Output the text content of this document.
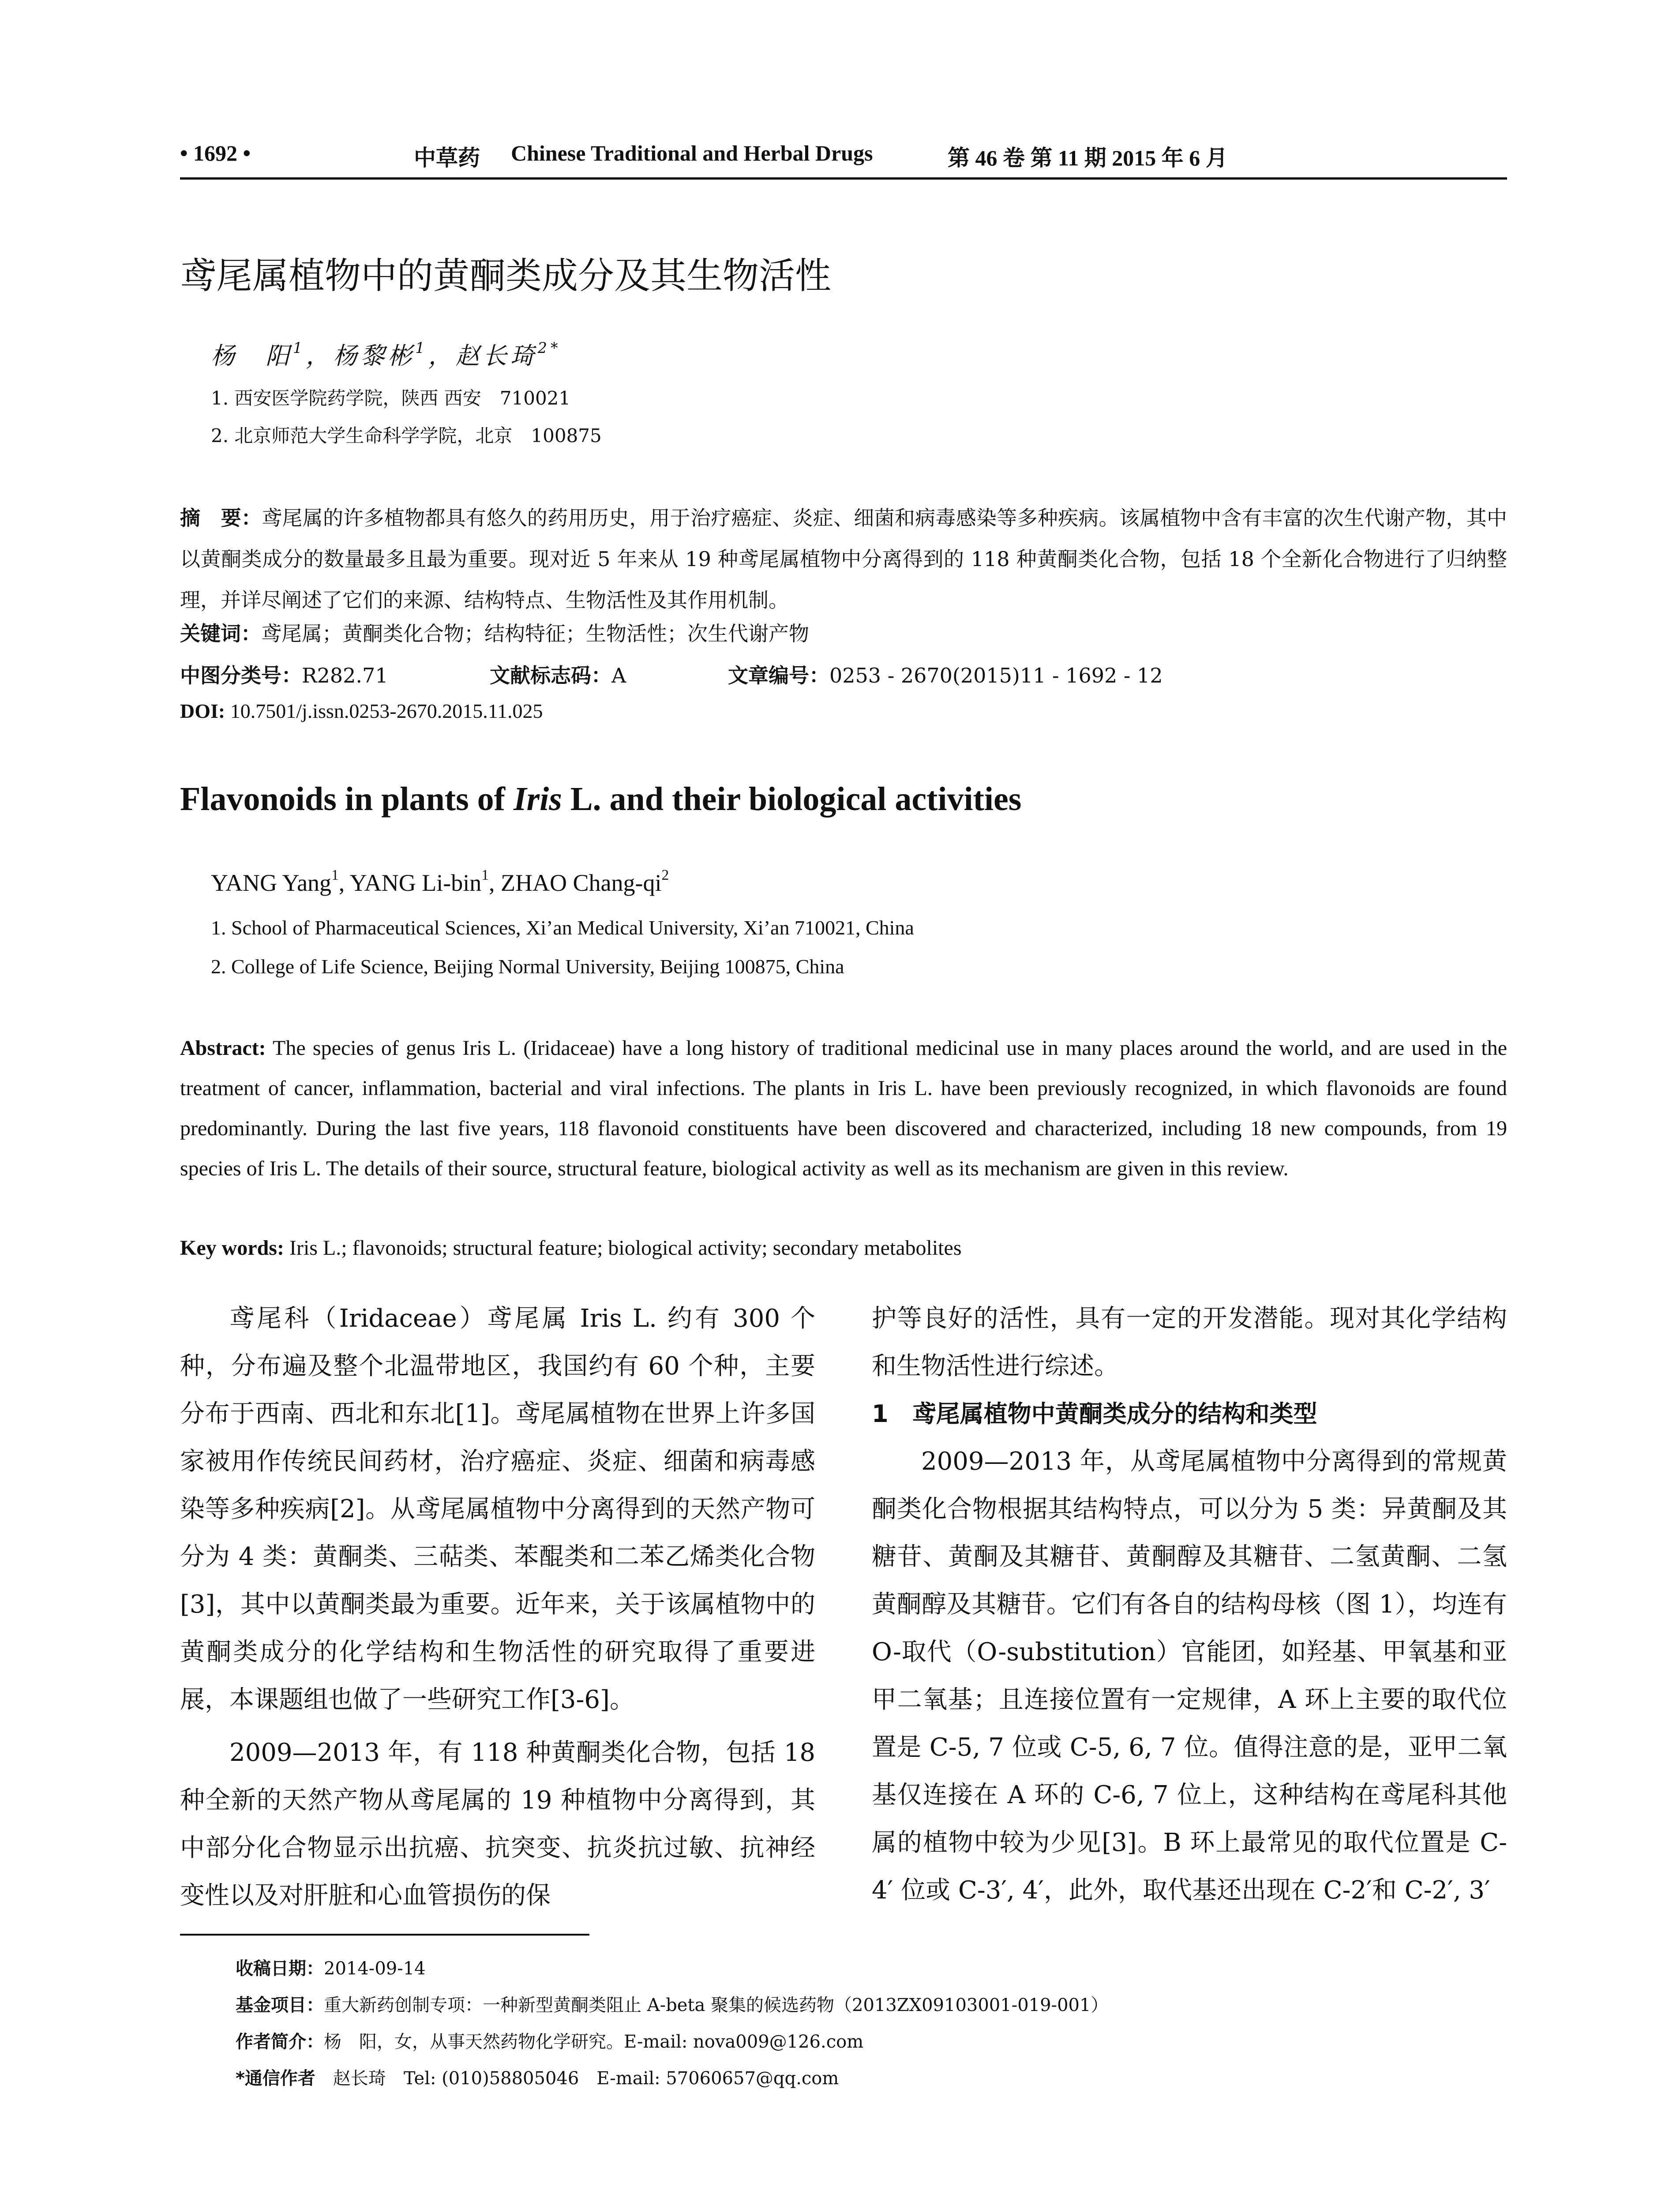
• 1692 •	中草药 Chinese Traditional and Herbal Drugs	第 46 卷 第 11 期 2015 年 6 月
鸢尾属植物中的黄酮类成分及其生物活性
杨　阳$^1$，杨黎彬$^1$，赵长琦$^{2*}$
1. 西安医学院药学院，陕西 西安　710021
2. 北京师范大学生命科学学院，北京　100875
摘　要：鸢尾属的许多植物都具有悠久的药用历史，用于治疗癌症、炎症、细菌和病毒感染等多种疾病。该属植物中含有丰富的次生代谢产物，其中以黄酮类成分的数量最多且最为重要。现对近 5 年来从 19 种鸢尾属植物中分离得到的 118 种黄酮类化合物，包括 18 个全新化合物进行了归纳整理，并详尽阐述了它们的来源、结构特点、生物活性及其作用机制。
关键词：鸢尾属；黄酮类化合物；结构特征；生物活性；次生代谢产物
中图分类号：R282.71	文献标志码：A	文章编号：0253 - 2670(2015)11 - 1692 - 12
DOI: 10.7501/j.issn.0253-2670.2015.11.025
Flavonoids in plants of Iris L. and their biological activities
YANG Yang$^1$, YANG Li-bin$^1$, ZHAO Chang-$qi^2$
1. School of Pharmaceutical Sciences, Xi’an Medical University, Xi’an 710021, China
2. College of Life Science, Beijing Normal University, Beijing 100875, China
Abstract: The species of genus Iris L. (Iridaceae) have a long history of traditional medicinal use in many places around the world, and are used in the treatment of cancer, inflammation, bacterial and viral infections. The plants in Iris L. have been previously recognized, in which flavonoids are found predominantly. During the last five years, 118 flavonoid constituents have been discovered and characterized, including 18 new compounds, from 19 species of Iris L. The details of their source, structural feature, biological activity as well as its mechanism are given in this review.
Key words: Iris L.; flavonoids; structural feature; biological activity; secondary metabolites

鸢尾科（Iridaceae）鸢尾属 Iris L. 约有 300 个种，分布遍及整个北温带地区，我国约有 60 个种，主要分布于西南、西北和东北[1]。鸢尾属植物在世界上许多国家被用作传统民间药材，治疗癌症、炎症、细菌和病毒感染等多种疾病[2]。从鸢尾属植物中分离得到的天然产物可分为 4 类：黄酮类、三萜类、苯醌类和二苯乙烯类化合物[3]，其中以黄酮类最为重要。近年来，关于该属植物中的黄酮类成分的化学结构和生物活性的研究取得了重要进展，本课题组也做了一些研究工作[3-6]。

2009—2013 年，有 118 种黄酮类化合物，包括 18 种全新的天然产物从鸢尾属的 19 种植物中分离得到，其中部分化合物显示出抗癌、抗突变、抗炎抗过敏、抗神经变性以及对肝脏和心血管损伤的保

护等良好的活性，具有一定的开发潜能。现对其化学结构和生物活性进行综述。

1　鸢尾属植物中黄酮类成分的结构和类型

2009—2013 年，从鸢尾属植物中分离得到的常规黄酮类化合物根据其结构特点，可以分为 5 类：异黄酮及其糖苷、黄酮及其糖苷、黄酮醇及其糖苷、二氢黄酮、二氢黄酮醇及其糖苷。它们有各自的结构母核（图 1），均连有 O-取代（O-substitution）官能团，如羟基、甲氧基和亚甲二氧基；且连接位置有一定规律，A 环上主要的取代位置是 C-5, 7 位或 C-5, 6, 7 位。值得注意的是，亚甲二氧基仅连接在 A 环的 C-6, 7 位上，这种结构在鸢尾科其他属的植物中较为少见[3]。B 环上最常见的取代位置是 C-4′ 位或 C-3′, 4′，此外，取代基还出现在 C-2′和 C-2′, 3′

收稿日期：2014-09-14
基金项目：重大新药创制专项：一种新型黄酮类阻止 A-beta 聚集的候选药物（2013ZX09103001-019-001）
作者简介：杨　阳，女，从事天然药物化学研究。E-mail: nova009@126.com
*通信作者　 赵长琦　Tel: (010)58805046　E-mail: 57060657@qq.com
